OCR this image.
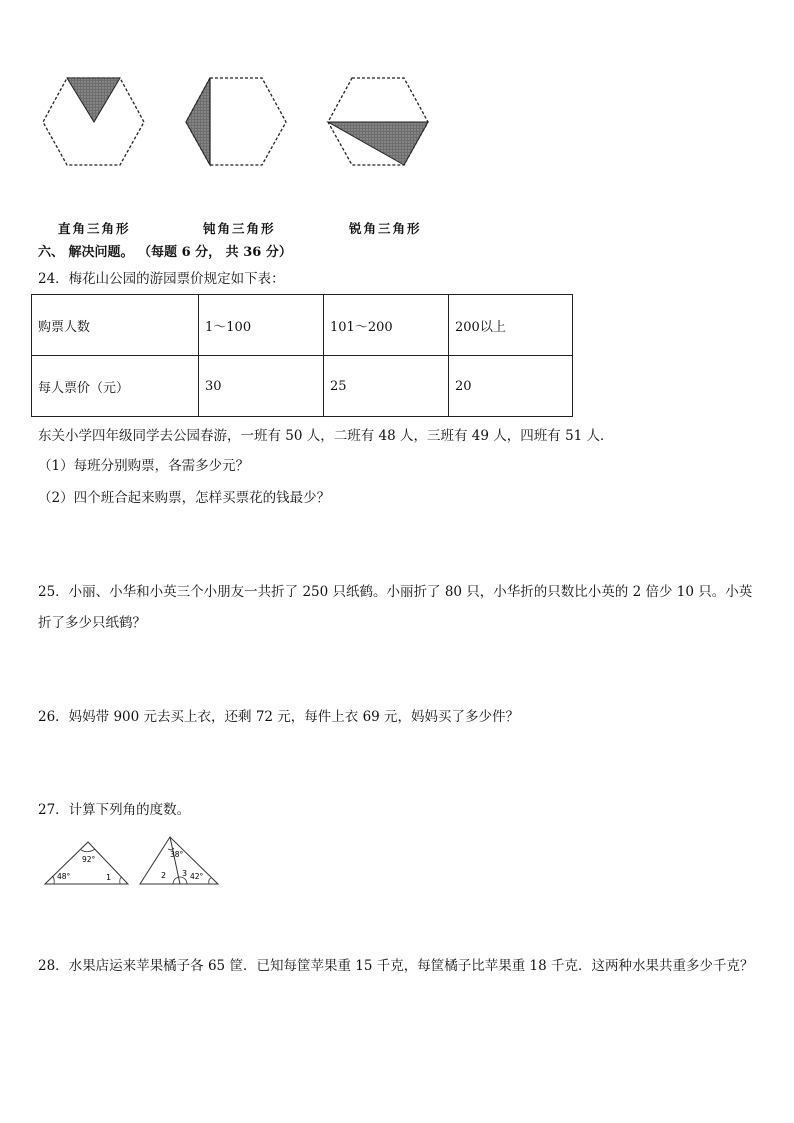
直角三角形	钝角三角形	锐角三角形
六、 解决问题。 （每题 6 分， 共 36 分）
24．梅花山公园的游园票价规定如下表：
购票人数	1～100	101～200	200以上
每人票价（元）	30	25	20
东关小学四年级同学去公园春游，一班有 50 人，二班有 48 人，三班有 49 人，四班有 51 人．
（1）每班分别购票，各需多少元？
（2）四个班合起来购票，怎样买票花的钱最少？
25．小丽、小华和小英三个小朋友一共折了 250 只纸鹤。小丽折了 80 只，小华折的只数比小英的 2 倍少 10 只。小英
折了多少只纸鹤？
26．妈妈带 900 元去买上衣，还剩 72 元，每件上衣 69 元，妈妈买了多少件？
27．计算下列角的度数。
92°
48°	1
38°
2 3 42°
28．水果店运来苹果橘子各 65 筐．已知每筐苹果重 15 千克，每筐橘子比苹果重 18 千克．这两种水果共重多少千克？
